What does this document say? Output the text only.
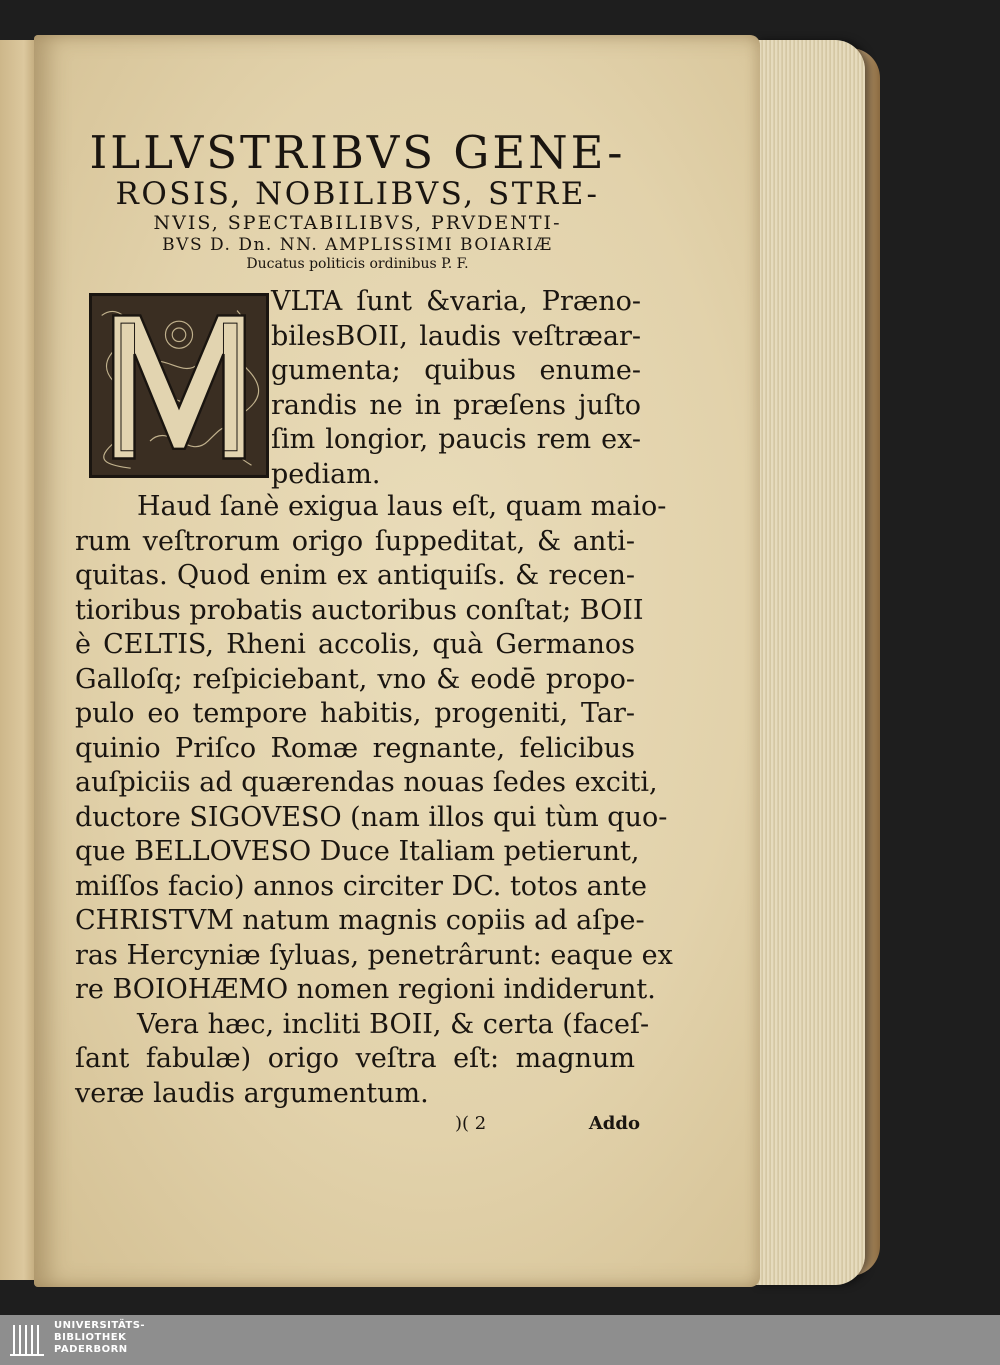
ILLVSTRIBVS GENE-
ROSIS, NOBILIBVS, STRE-
NVIS, SPECTABILIBVS, PRVDENTI-
BVS D. Dn. NN. AMPLISSIMI BOIARIÆ
Ducatus politicis ordinibus P. F.
VLTA ſunt &varia, Præno-
bilesBOII, laudis veſtræar-
gumenta; quibus enume-
randis ne in præſens juſto
ſim longior, paucis rem ex-
pediam.
Haud ſanè exigua laus eſt, quam maio-
rum veſtrorum origo ſuppeditat, & anti-
quitas. Quod enim ex antiquiſs. & recen-
tioribus probatis auctoribus conſtat; BOII
è CELTIS, Rheni accolis, quà Germanos
Galloſq; reſpiciebant, vno & eodē propo-
pulo eo tempore habitis, progeniti, Tar-
quinio Priſco Romæ regnante, felicibus
auſpiciis ad quærendas nouas ſedes exciti,
ductore SIGOVESO (nam illos qui tùm quo-
que BELLOVESO Duce Italiam petierunt,
miſſos facio) annos circiter DC. totos ante
CHRISTVM natum magnis copiis ad aſpe-
ras Hercyniæ ſyluas, penetrârunt: eaque ex
re BOIOHÆMO nomen regioni indiderunt.
Vera hæc, incliti BOII, & certa (faceſ-
ſant fabulæ) origo veſtra eſt: magnum
veræ laudis argumentum.
)( 2	Addo
UNIVERSITÄTS-
BIBLIOTHEK
PADERBORN
